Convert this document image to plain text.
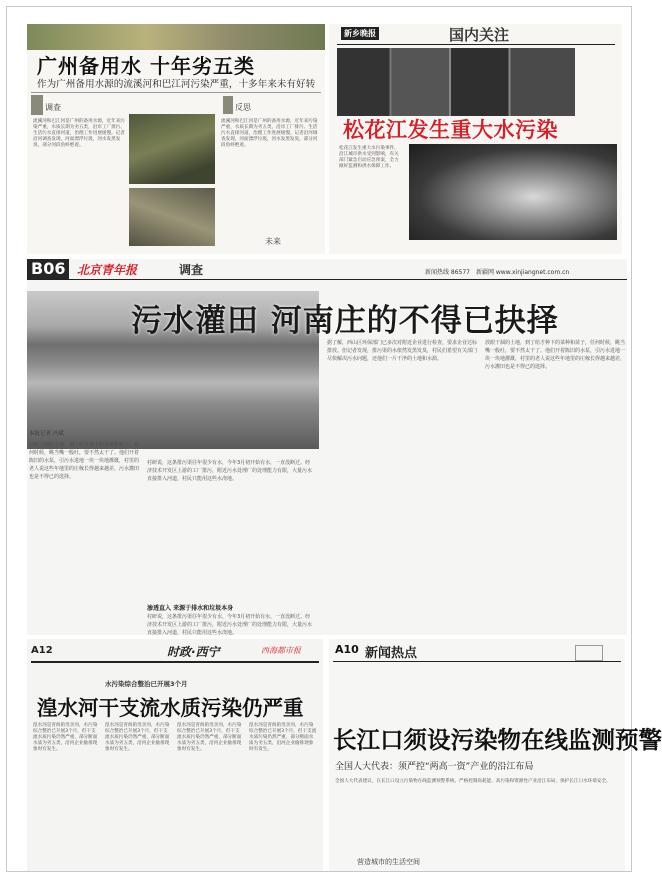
广州备用水 十年劣五类
作为广州备用水源的流溪河和巴江河污染严重，十多年来未有好转
调查	反思
未来
流溪河和巴江河是广州的备用水源，近年来污染严重，水质长期为劣五类，沿岸工厂排污、生活污水直排河道，治理工作进展缓慢。记者沿河调查发现，河面漂浮垃圾，河水发黑发臭，部分河段鱼虾绝迹。
流溪河和巴江河是广州的备用水源，近年来污染严重，水质长期为劣五类，沿岸工厂排污、生活污水直排河道，治理工作进展缓慢。记者沿河调查发现，河面漂浮垃圾，河水发黑发臭，部分河段鱼虾绝迹。
新乡晚报	国内关注
松花江发生重大水污染
松花江发生重大水污染事件，沿江城市供水受到影响，有关部门紧急启动应急预案，全力做好监测和供水保障工作。
B06 北京青年报	调查	新闻热线 86577　新疆网 www.xinjiangnet.com.cn
污水灌田 河南庄的不得已抉择
本报记者 冯斌
放眼干涸的土地，到了给才种下的菜种和苗子，任何时候，眺当嘴一般吐，要不然太干了。他们开着陈旧的水泵，引污水进地一块一块地灌溉，村里的老人说这些年地里的庄稼长得越来越差，污水灌田也是不得已的选择。
村研说，这条排污渠往年很少有水，今年3月初开始有水，一直没断过。经济技术开发区上游的工厂排污，附近污水处理厂的处理能力有限，大量污水直接排入河道，村民只能用这些水浇地。
渗透直入 来源于排水和垃圾本身
村研说，这条排污渠往年很少有水，今年3月初开始有水，一直没断过。经济技术开发区上游的工厂排污，附近污水处理厂的处理能力有限，大量污水直接排入河道，村民只能用这些水浇地。
据了解，西山区环保部门已多次对附近企业进行检查，要求企业达标排放。但记者发现，排污渠的水依然发黑发臭，村民们希望有关部门尽快解决污水问题，还他们一片干净的土地和水源。
放眼干涸的土地，到了给才种下的菜种和苗子，任何时候，眺当嘴一般吐，要不然太干了。他们开着陈旧的水泵，引污水进地一块一块地灌溉，村里的老人说这些年地里的庄稼长得越来越差，污水灌田也是不得已的选择。
A12	时政·西宁	西海都市报
水污染综合整治已开展3个月
湟水河干支流水质污染仍严重
湟水河是青海的母亲河，水污染综合整治已开展3个月，但干支流水质污染仍然严重，部分断面水质为劣五类，沿河企业偷排现象时有发生。
湟水河是青海的母亲河，水污染综合整治已开展3个月，但干支流水质污染仍然严重，部分断面水质为劣五类，沿河企业偷排现象时有发生。
湟水河是青海的母亲河，水污染综合整治已开展3个月，但干支流水质污染仍然严重，部分断面水质为劣五类，沿河企业偷排现象时有发生。
湟水河是青海的母亲河，水污染综合整治已开展3个月，但干支流水质污染仍然严重，部分断面水质为劣五类，沿河企业偷排现象时有发生。
A10 新闻热点
长江口须设污染物在线监测预警
全国人大代表：须严控“两高一资”产业的沿江布局
全国人大代表建议，在长江口设立污染物在线监测预警系统，严格控制高耗能、高污染和资源性产业沿江布局，保护长江口水环境安全。
营造城市的生活空间
